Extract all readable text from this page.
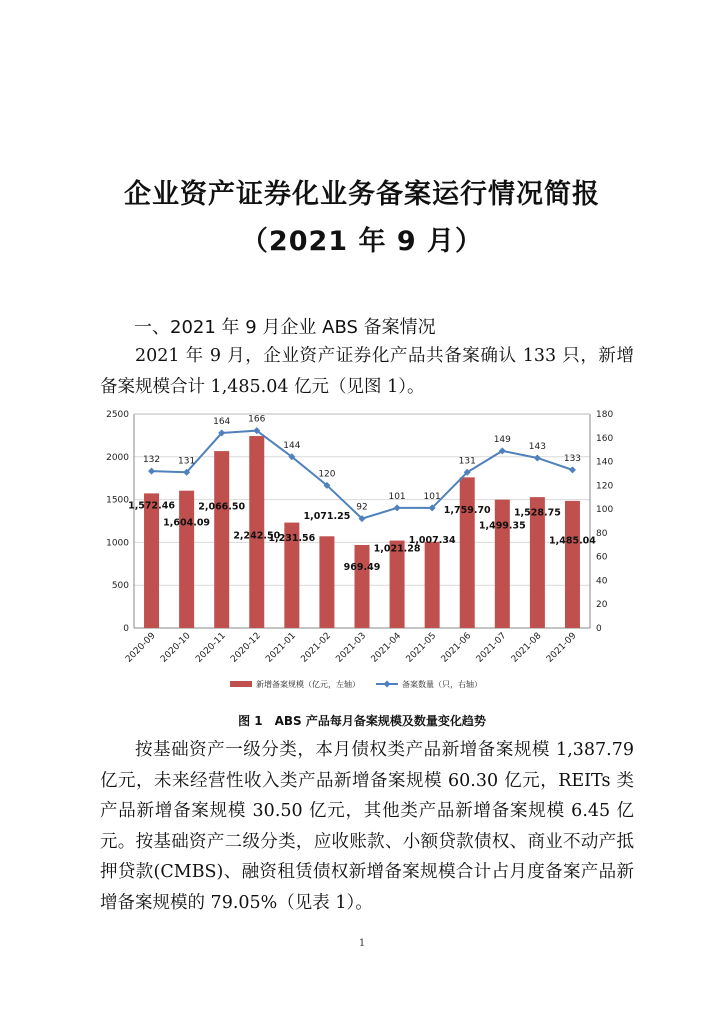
企业资产证券化业务备案运行情况简报
（2021 年 9 月）
一、2021 年 9 月企业 ABS 备案情况
2021 年 9 月，企业资产证券化产品共备案确认 133 只，新增备案规模合计 1,485.04 亿元（见图 1）。
0
500
1000
1500
2000
2500
0
20
40
60
80
100
120
140
160
180
2020-09 2020-10 2020-11 2020-12 2021-01 2021-02 2021-03 2021-04 2021-05 2021-06 2021-07 2021-08 2021-09
132 131
164 166
144
120
92
101 101
131
149
143
133
1,572.46
1,604.09
2,066.50
2,242.50
1,231.56
1,071.25
969.49
1,021.28
1,007.34
1,759.70
1,499.35
1,528.75
1,485.04
新增备案规模（亿元，左轴）	备案数量（只，右轴）
图 1　ABS 产品每月备案规模及数量变化趋势
按基础资产一级分类，本月债权类产品新增备案规模 1,387.79 亿元，未来经营性收入类产品新增备案规模 60.30 亿元，REITs 类产品新增备案规模 30.50 亿元，其他类产品新增备案规模 6.45 亿元。按基础资产二级分类，应收账款、小额贷款债权、商业不动产抵押贷款(CMBS)、融资租赁债权新增备案规模合计占月度备案产品新增备案规模的 79.05%（见表 1）。
1
